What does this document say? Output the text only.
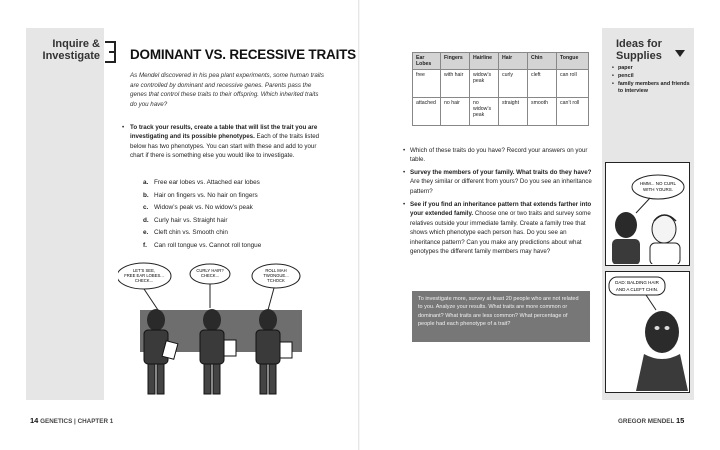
Inquire &
Investigate DOMINANT VS. RECESSIVE TRAITS
As Mendel discovered in his pea plant experiments, some human traits are controlled by dominant and recessive genes. Parents pass the genes that control these traits to their offspring. Which inherited traits do you have?
• To track your results, create a table that will list the trait you are investigating and its possible phenotypes. Each of the traits listed below has two phenotypes. You can start with these and add to your chart if there is something else you would like to investigate.
a. Free ear lobes vs. Attached ear lobes
b. Hair on fingers vs. No hair on fingers
c. Widow’s peak vs. No widow’s peak
d. Curly hair vs. Straight hair
e. Cleft chin vs. Smooth chin
f. Can roll tongue vs. Cannot roll tongue
LET’S SEE,
FREE EAR LOBES...
CHECK...
CURLY HAIR?
CHECK...
ROLL MAH
TWONGUE...
TCHOCK
14 GENETICS | CHAPTER 1
Ear Lobes	Fingers	Hairline	Hair	Chin	Tongue
free	with hair	widow’s peak	curly	cleft	can roll
attached	no hair	no widow’s peak	straight	smooth	can’t roll
• Which of these traits do you have? Record your answers on your table.
• Survey the members of your family. What traits do they have? Are they similar or different from yours? Do you see an inheritance pattern?
• See if you find an inheritance pattern that extends farther into your extended family. Choose one or two traits and survey some relatives outside your immediate family. Create a family tree that shows which phenotype each person has. Do you see an inheritance pattern? Can you make any predictions about what genotypes the different family members may have?
To investigate more, survey at least 20 people who are not related to you. Analyze your results. What traits are more common or dominant? What traits are less common? What percentage of people had each phenotype of a trait?
Ideas for
Supplies
• paper
• pencil
• family members and friends to interview
HMM... NO CURL
WITH YOURS.
DAD: BALDING HAIR
AND A CLEFT CHIN.
GREGOR MENDEL 15
